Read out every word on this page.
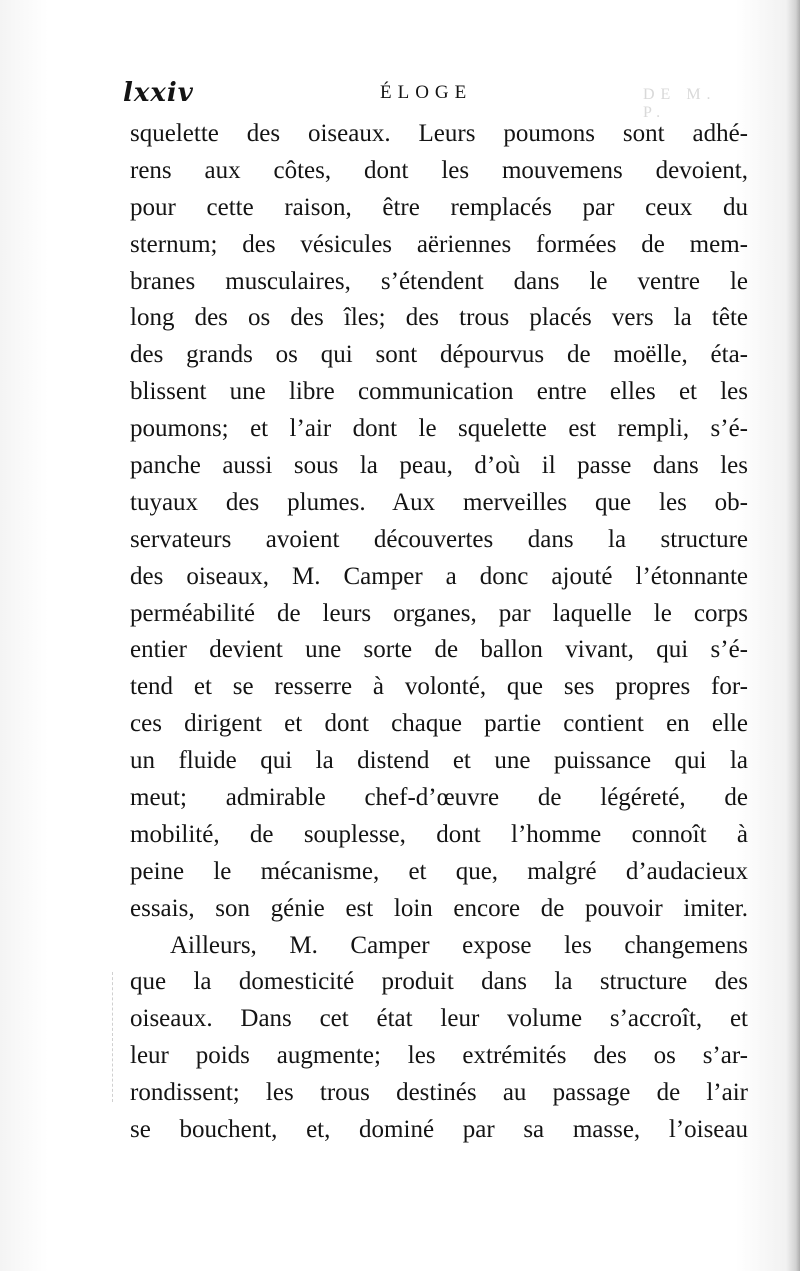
lxxiv	ÉLOGE	DE M. P.
squelette des oiseaux. Leurs poumons sont adhé-
rens aux côtes, dont les mouvemens devoient,
pour cette raison, être remplacés par ceux du
sternum; des vésicules aëriennes formées de mem-
branes musculaires, s’étendent dans le ventre le
long des os des îles; des trous placés vers la tête
des grands os qui sont dépourvus de moëlle, éta-
blissent une libre communication entre elles et les
poumons; et l’air dont le squelette est rempli, s’é-
panche aussi sous la peau, d’où il passe dans les
tuyaux des plumes. Aux merveilles que les ob-
servateurs avoient découvertes dans la structure
des oiseaux, M. Camper a donc ajouté l’étonnante
perméabilité de leurs organes, par laquelle le corps
entier devient une sorte de ballon vivant, qui s’é-
tend et se resserre à volonté, que ses propres for-
ces dirigent et dont chaque partie contient en elle
un fluide qui la distend et une puissance qui la
meut; admirable chef-d’œuvre de légéreté, de
mobilité, de souplesse, dont l’homme connoît à
peine le mécanisme, et que, malgré d’audacieux
essais, son génie est loin encore de pouvoir imiter.
Ailleurs, M. Camper expose les changemens
que la domesticité produit dans la structure des
oiseaux. Dans cet état leur volume s’accroît, et
leur poids augmente; les extrémités des os s’ar-
rondissent; les trous destinés au passage de l’air
se bouchent, et, dominé par sa masse, l’oiseau
